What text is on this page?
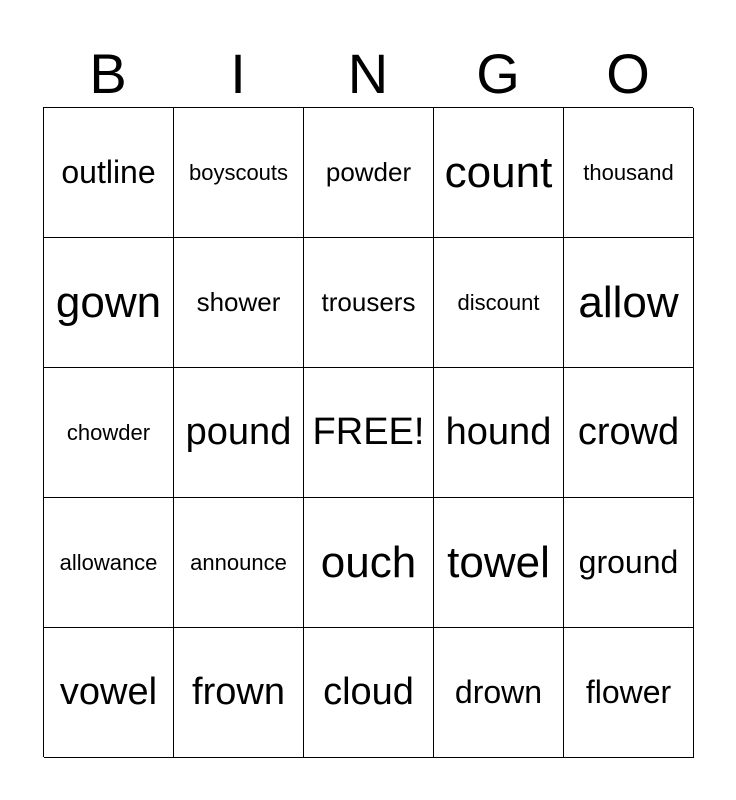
B	I	N	G	O
outline boyscouts powder count thousand
gown shower trousers discount allow
chowder pound FREE! hound crowd
allowance announce ouch towel ground
vowel frown cloud drown flower
